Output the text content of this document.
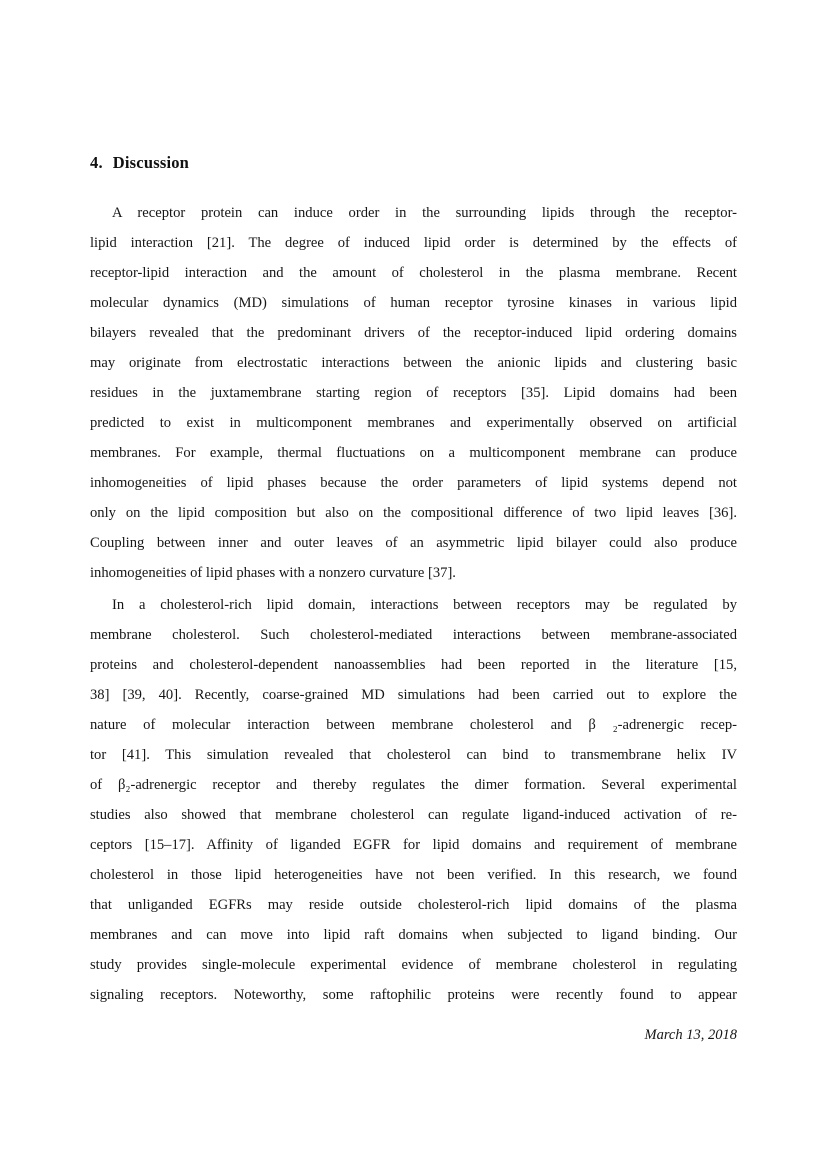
4. Discussion
A receptor protein can induce order in the surrounding lipids through the receptor-
lipid interaction [21]. The degree of induced lipid order is determined by the effects of
receptor-lipid interaction and the amount of cholesterol in the plasma membrane. Recent
molecular dynamics (MD) simulations of human receptor tyrosine kinases in various lipid
bilayers revealed that the predominant drivers of the receptor-induced lipid ordering domains
may originate from electrostatic interactions between the anionic lipids and clustering basic
residues in the juxtamembrane starting region of receptors [35]. Lipid domains had been
predicted to exist in multicomponent membranes and experimentally observed on artificial
membranes. For example, thermal fluctuations on a multicomponent membrane can produce
inhomogeneities of lipid phases because the order parameters of lipid systems depend not
only on the lipid composition but also on the compositional difference of two lipid leaves [36].
Coupling between inner and outer leaves of an asymmetric lipid bilayer could also produce
inhomogeneities of lipid phases with a nonzero curvature [37].
In a cholesterol-rich lipid domain, interactions between receptors may be regulated by
membrane cholesterol. Such cholesterol-mediated interactions between membrane-associated
proteins and cholesterol-dependent nanoassemblies had been reported in the literature [15,
38] [39, 40]. Recently, coarse-grained MD simulations had been carried out to explore the
nature of molecular interaction between membrane cholesterol and β ₂-adrenergic recep-
tor [41]. This simulation revealed that cholesterol can bind to transmembrane helix IV
of β₂-adrenergic receptor and thereby regulates the dimer formation. Several experimental
studies also showed that membrane cholesterol can regulate ligand-induced activation of re-
ceptors [15–17]. Affinity of liganded EGFR for lipid domains and requirement of membrane
cholesterol in those lipid heterogeneities have not been verified. In this research, we found
that unliganded EGFRs may reside outside cholesterol-rich lipid domains of the plasma
membranes and can move into lipid raft domains when subjected to ligand binding. Our
study provides single-molecule experimental evidence of membrane cholesterol in regulating
signaling receptors. Noteworthy, some raftophilic proteins were recently found to appear
March 13, 2018
